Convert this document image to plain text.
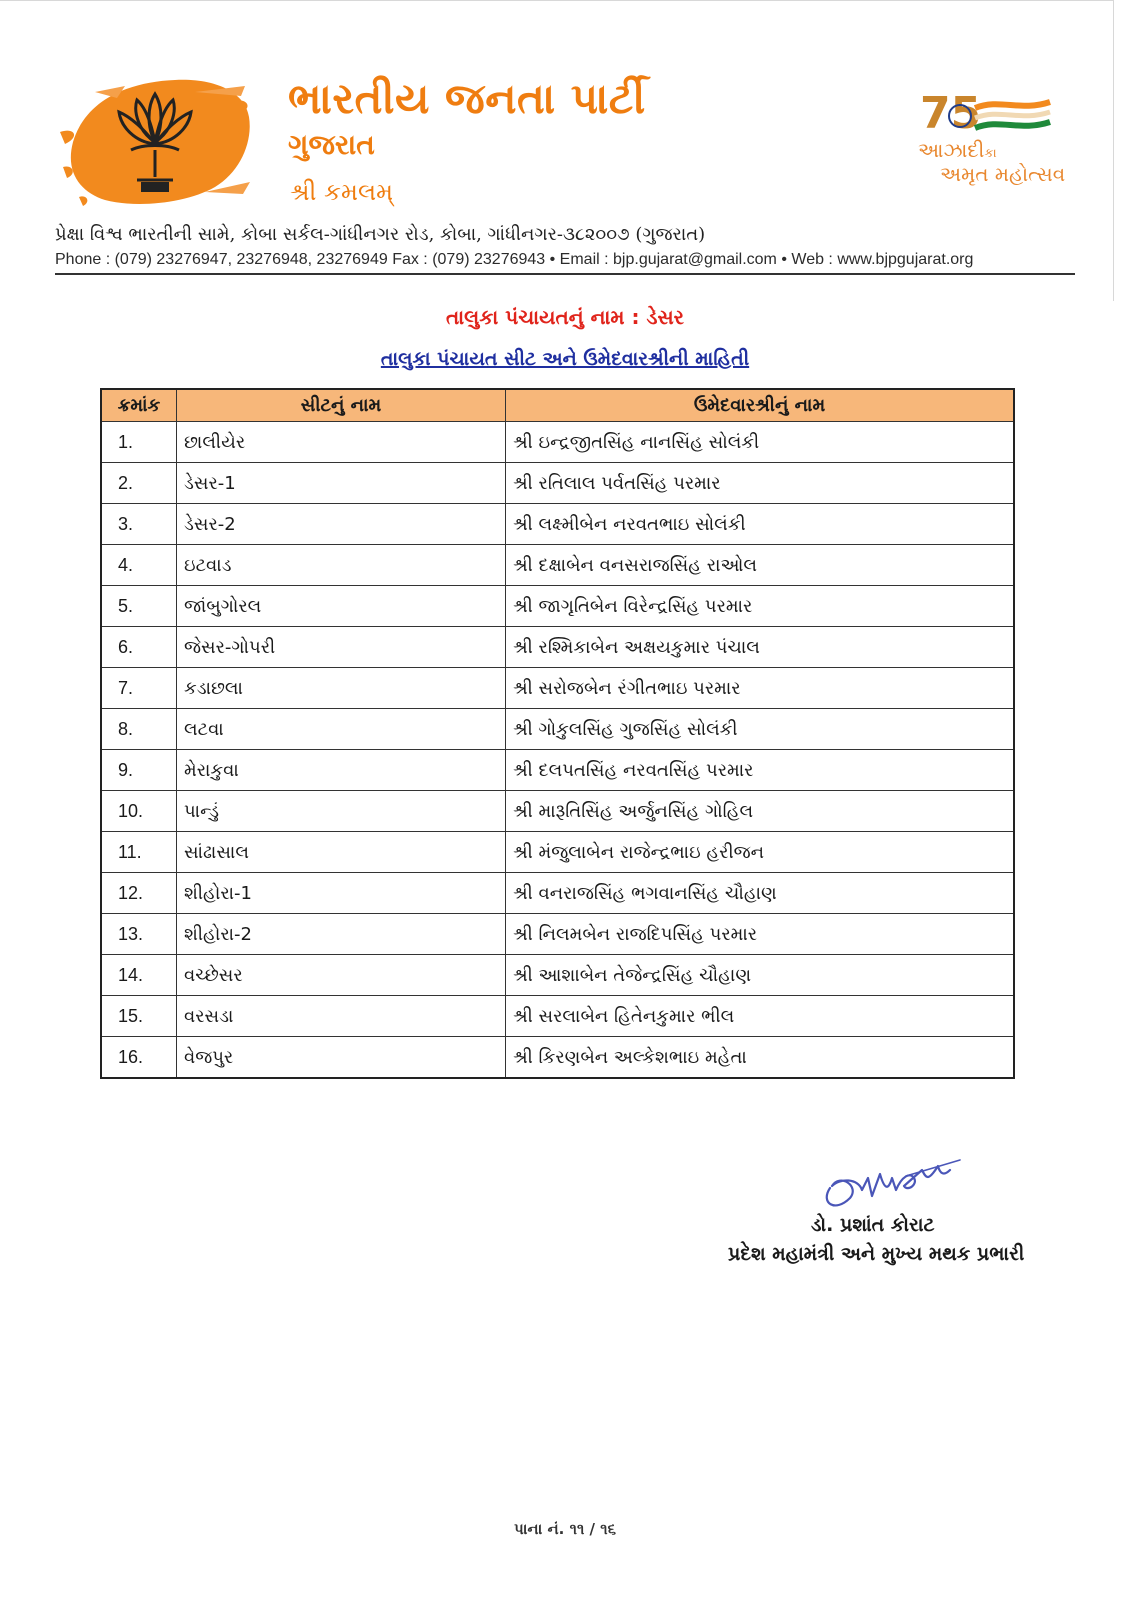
ભારતીય જનતા પાર્ટી
ગુજરાત
શ્રી કમલમ્
75
આઝાદીકા
અમૃત મહોત્સવ
પ્રેક્ષા વિશ્વ ભારતીની સામે, કોબા સર્કલ-ગાંધીનગર રોડ, કોબા, ગાંધીનગર-૩૮૨૦૦૭ (ગુજરાત)
Phone : (079) 23276947, 23276948, 23276949 Fax : (079) 23276943 • Email : bjp.gujarat@gmail.com • Web : www.bjpgujarat.org
તાલુકા પંચાયતનું નામ : ડેસર
તાલુકા પંચાયત સીટ અને ઉમેદવારશ્રીની માહિતી
ક્રમાંક	સીટનું નામ	ઉમેદવારશ્રીનું નામ
1.	છાલીયેર	શ્રી ઇન્દ્રજીતસિંહ નાનસિંહ સોલંકી
2.	ડેસર-1	શ્રી રતિલાલ પર્વતસિંહ પરમાર
3.	ડેસર-2	શ્રી લક્ષ્મીબેન નરવતભાઇ સોલંકી
4.	ઇટવાડ	શ્રી દક્ષાબેન વનસરાજસિંહ રાઓલ
5.	જાંબુગોરલ	શ્રી જાગૃતિબેન વિરેન્દ્રસિંહ પરમાર
6.	જેસર-ગોપરી	શ્રી રશ્મિકાબેન અક્ષયકુમાર પંચાલ
7.	કડાછલા	શ્રી સરોજબેન રંગીતભાઇ પરમાર
8.	લટવા	શ્રી ગોકુલસિંહ ગુજસિંહ સોલંકી
9.	મેરાકુવા	શ્રી દલપતસિંહ નરવતસિંહ પરમાર
10.	પાન્ડું	શ્રી મારૂતિસિંહ અર્જુનસિંહ ગોહિલ
11.	સાંઢાસાલ	શ્રી મંજુલાબેન રાજેન્દ્રભાઇ હરીજન
12.	શીહોરા-1	શ્રી વનરાજસિંહ ભગવાનસિંહ ચૌહાણ
13.	શીહોરા-2	શ્રી નિલમબેન રાજદિપસિંહ પરમાર
14.	વચ્છેસર	શ્રી આશાબેન તેજેન્દ્રસિંહ ચૌહાણ
15.	વરસડા	શ્રી સરલાબેન હિતેનકુમાર ભીલ
16.	વેજપુર	શ્રી કિરણબેન અલ્કેશભાઇ મહેતા
ડો. પ્રશાંત કોરાટ
પ્રદેશ મહામંત્રી અને મુખ્ય મથક પ્રભારી
પાના નં. ૧૧ / ૧૬
